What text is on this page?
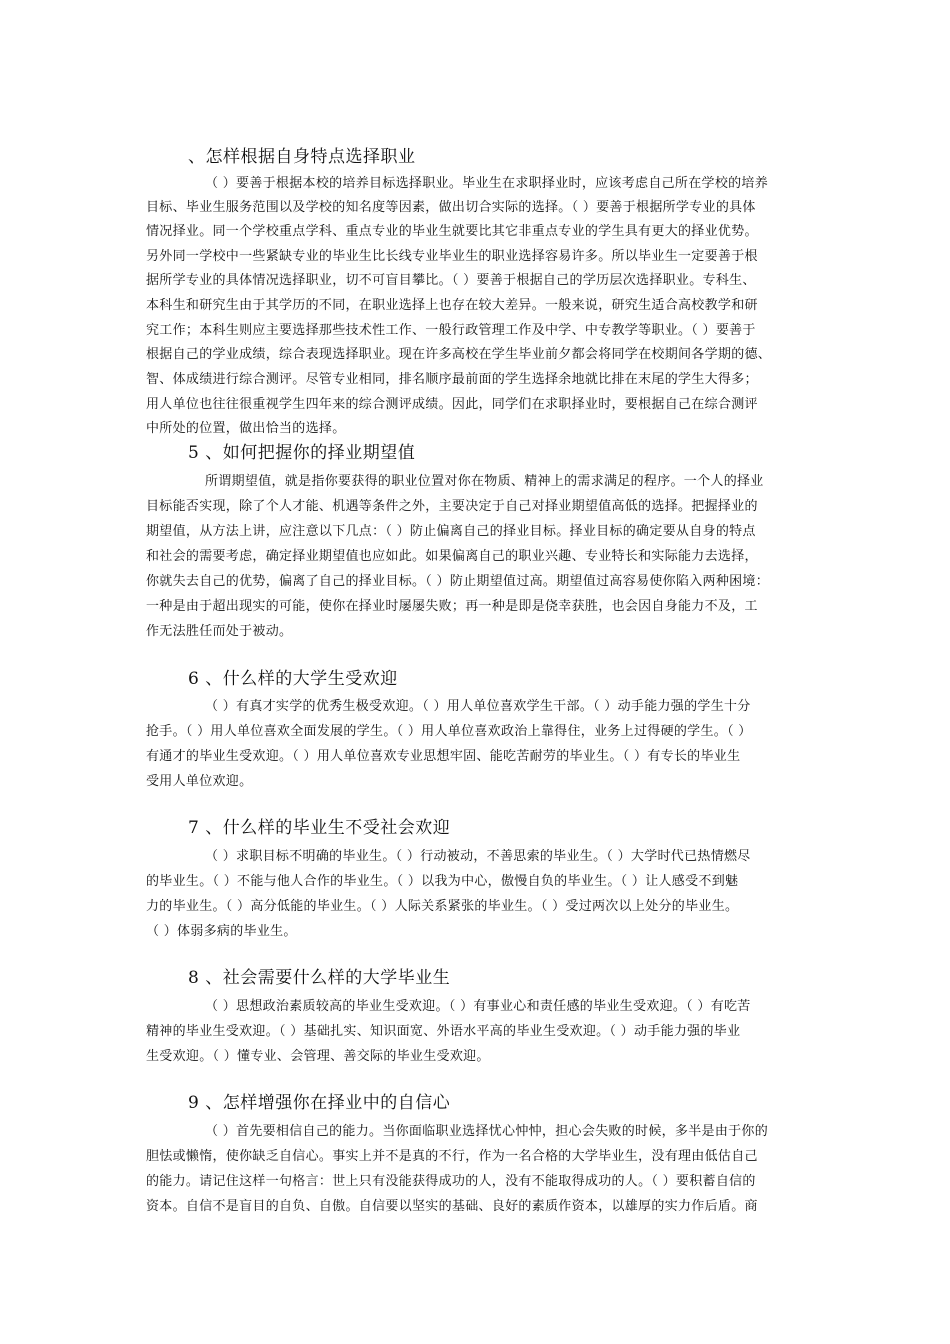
、怎样根据自身特点选择职业

（ ）要善于根据本校的培养目标选择职业。毕业生在求职择业时，应该考虑自己所在学校的培养

目标、毕业生服务范围以及学校的知名度等因素，做出切合实际的选择。（ ）要善于根据所学专业的具体

情况择业。同一个学校重点学科、重点专业的毕业生就要比其它非重点专业的学生具有更大的择业优势。

另外同一学校中一些紧缺专业的毕业生比长线专业毕业生的职业选择容易许多。所以毕业生一定要善于根

据所学专业的具体情况选择职业，切不可盲目攀比。（ ）要善于根据自己的学历层次选择职业。专科生、

本科生和研究生由于其学历的不同，在职业选择上也存在较大差异。一般来说，研究生适合高校教学和研

究工作；本科生则应主要选择那些技术性工作、一般行政管理工作及中学、中专教学等职业。（ ）要善于

根据自己的学业成绩，综合表现选择职业。现在许多高校在学生毕业前夕都会将同学在校期间各学期的德、

智、体成绩进行综合测评。尽管专业相同，排名顺序最前面的学生选择余地就比排在末尾的学生大得多；

用人单位也往往很重视学生四年来的综合测评成绩。因此，同学们在求职择业时，要根据自己在综合测评

中所处的位置，做出恰当的选择。

5 、如何把握你的择业期望值

所谓期望值，就是指你要获得的职业位置对你在物质、精神上的需求满足的程序。一个人的择业

目标能否实现，除了个人才能、机遇等条件之外，主要决定于自己对择业期望值高低的选择。把握择业的

期望值，从方法上讲，应注意以下几点：（ ）防止偏离自己的择业目标。择业目标的确定要从自身的特点

和社会的需要考虑，确定择业期望值也应如此。如果偏离自己的职业兴趣、专业特长和实际能力去选择，

你就失去自己的优势，偏离了自己的择业目标。（ ）防止期望值过高。期望值过高容易使你陷入两种困境：

一种是由于超出现实的可能，使你在择业时屡屡失败；再一种是即是侥幸获胜，也会因自身能力不及，工

作无法胜任而处于被动。

6 、什么样的大学生受欢迎

（ ）有真才实学的优秀生极受欢迎。（ ）用人单位喜欢学生干部。（ ）动手能力强的学生十分

抢手。（ ）用人单位喜欢全面发展的学生。（ ）用人单位喜欢政治上靠得住，业务上过得硬的学生。（ ）

有通才的毕业生受欢迎。（ ）用人单位喜欢专业思想牢固、能吃苦耐劳的毕业生。（ ）有专长的毕业生

受用人单位欢迎。

7 、什么样的毕业生不受社会欢迎

（ ）求职目标不明确的毕业生。（ ）行动被动，不善思索的毕业生。（ ）大学时代已热情燃尽

的毕业生。（ ）不能与他人合作的毕业生。（ ）以我为中心，傲慢自负的毕业生。（ ）让人感受不到魅

力的毕业生。（ ）高分低能的毕业生。（ ）人际关系紧张的毕业生。（ ）受过两次以上处分的毕业生。

（ ）体弱多病的毕业生。

8 、社会需要什么样的大学毕业生

（ ）思想政治素质较高的毕业生受欢迎。（ ）有事业心和责任感的毕业生受欢迎。（ ）有吃苦

精神的毕业生受欢迎。（ ）基础扎实、知识面宽、外语水平高的毕业生受欢迎。（ ）动手能力强的毕业

生受欢迎。（ ）懂专业、会管理、善交际的毕业生受欢迎。

9 、怎样增强你在择业中的自信心

（ ）首先要相信自己的能力。当你面临职业选择忧心忡忡，担心会失败的时候，多半是由于你的

胆怯或懒惰，使你缺乏自信心。事实上并不是真的不行，作为一名合格的大学毕业生，没有理由低估自己

的能力。请记住这样一句格言：世上只有没能获得成功的人，没有不能取得成功的人。（ ）要积蓄自信的

资本。自信不是盲目的自负、自傲。自信要以坚实的基础、良好的素质作资本，以雄厚的实力作后盾。商
